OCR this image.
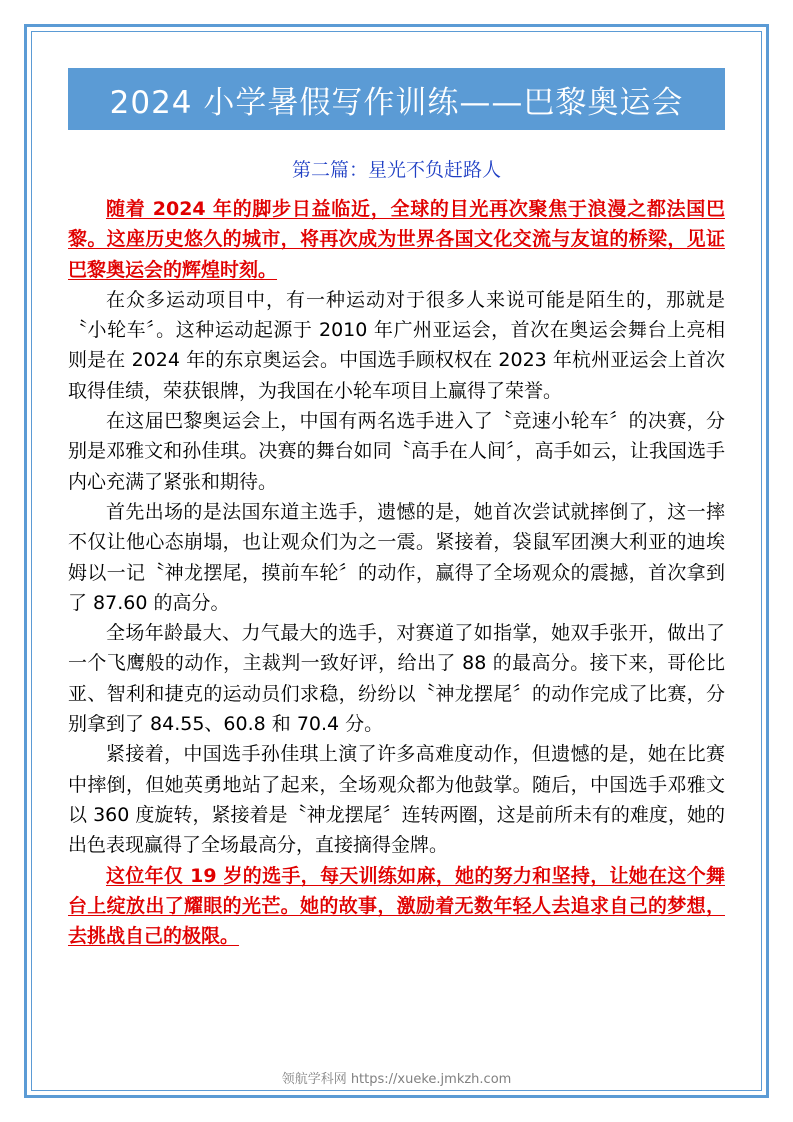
2024 小学暑假写作训练——巴黎奥运会
第二篇：星光不负赶路人

随着 2024 年的脚步日益临近，全球的目光再次聚焦于浪漫之都法国巴黎。这座历史悠久的城市，将再次成为世界各国文化交流与友谊的桥梁，见证巴黎奥运会的辉煌时刻。

在众多运动项目中，有一种运动对于很多人来说可能是陌生的，那就是〝小轮车〞。这种运动起源于 2010 年广州亚运会，首次在奥运会舞台上亮相则是在 2024 年的东京奥运会。中国选手顾权权在 2023 年杭州亚运会上首次取得佳绩，荣获银牌，为我国在小轮车项目上赢得了荣誉。

在这届巴黎奥运会上，中国有两名选手进入了〝竞速小轮车〞的决赛，分别是邓雅文和孙佳琪。决赛的舞台如同〝高手在人间〞，高手如云，让我国选手内心充满了紧张和期待。

首先出场的是法国东道主选手，遗憾的是，她首次尝试就摔倒了，这一摔不仅让他心态崩塌，也让观众们为之一震。紧接着，袋鼠军团澳大利亚的迪埃姆以一记〝神龙摆尾，摸前车轮〞的动作，赢得了全场观众的震撼，首次拿到了 87.60 的高分。

全场年龄最大、力气最大的选手，对赛道了如指掌，她双手张开，做出了一个飞鹰般的动作，主裁判一致好评，给出了 88 的最高分。接下来，哥伦比亚、智利和捷克的运动员们求稳，纷纷以〝神龙摆尾〞的动作完成了比赛，分别拿到了 84.55、60.8 和 70.4 分。

紧接着，中国选手孙佳琪上演了许多高难度动作，但遗憾的是，她在比赛中摔倒，但她英勇地站了起来，全场观众都为他鼓掌。随后，中国选手邓雅文以 360 度旋转，紧接着是〝神龙摆尾〞连转两圈，这是前所未有的难度，她的出色表现赢得了全场最高分，直接摘得金牌。

这位年仅 19 岁的选手，每天训练如麻，她的努力和坚持，让她在这个舞台上绽放出了耀眼的光芒。她的故事，激励着无数年轻人去追求自己的梦想，去挑战自己的极限。

领航学科网 https://xueke.jmkzh.com
